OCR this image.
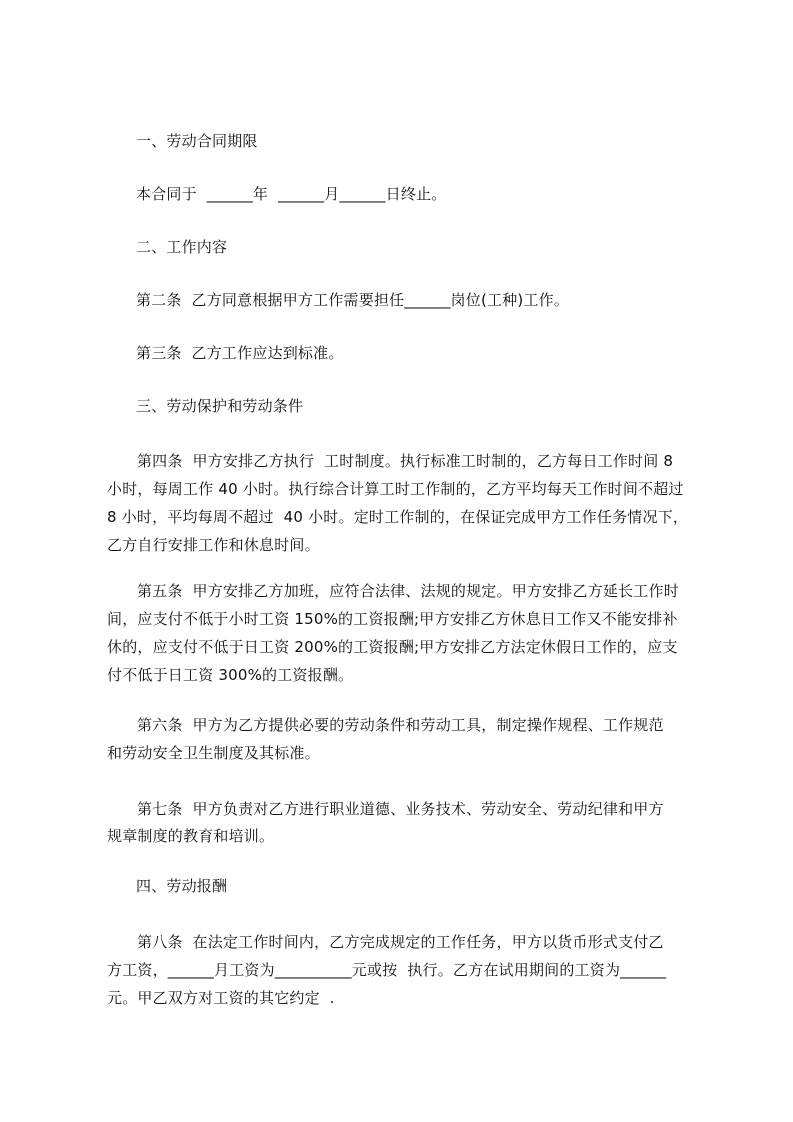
一、劳动合同期限

本合同于  ______年  ______月______日终止。

二、工作内容

第二条  乙方同意根据甲方工作需要担任______岗位(工种)工作。

第三条  乙方工作应达到标准。

三、劳动保护和劳动条件

第四条  甲方安排乙方执行  工时制度。执行标准工时制的，乙方每日工作时间 8

小时，每周工作 40 小时。执行综合计算工时工作制的，乙方平均每天工作时间不超过

8 小时，平均每周不超过  40 小时。定时工作制的，在保证完成甲方工作任务情况下，

乙方自行安排工作和休息时间。

第五条  甲方安排乙方加班，应符合法律、法规的规定。甲方安排乙方延长工作时

间，应支付不低于小时工资 150%的工资报酬;甲方安排乙方休息日工作又不能安排补

休的，应支付不低于日工资 200%的工资报酬;甲方安排乙方法定休假日工作的，应支

付不低于日工资 300%的工资报酬。

第六条  甲方为乙方提供必要的劳动条件和劳动工具，制定操作规程、工作规范

和劳动安全卫生制度及其标准。

第七条  甲方负责对乙方进行职业道德、业务技术、劳动安全、劳动纪律和甲方

规章制度的教育和培训。

四、劳动报酬

第八条  在法定工作时间内，乙方完成规定的工作任务，甲方以货币形式支付乙

方工资，______月工资为__________元或按  执行。乙方在试用期间的工资为______

元。甲乙双方对工资的其它约定  .
